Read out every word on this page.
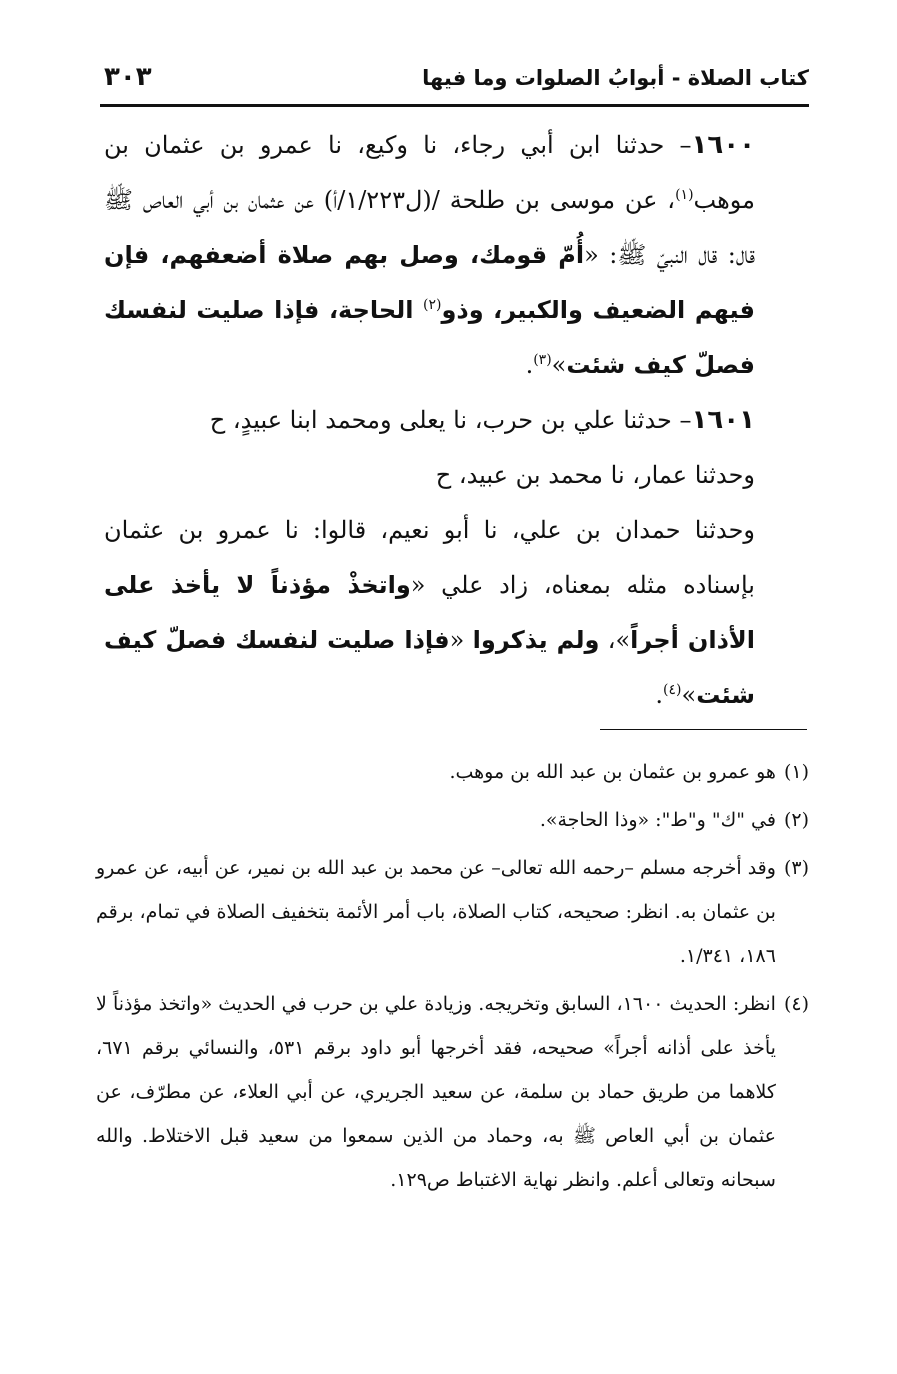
كتاب الصلاة - أبوابُ الصلوات وما فيها
٣٠٣

١٦٠٠– حدثنا ابن أبي رجاء، نا وكيع، نا عمرو بن عثمان بن موهب$^{(١)}$، عن موسى بن طلحة /(ل١/٢٢٣/أ) عن عثمان بن أبي العاص ﷺ قال: قال النبيّ ﷺ: «أُمّ قومك، وصل بهم صلاة أضعفهم، فإن فيهم الضعيف والكبير، وذو$^{(٢)}$ الحاجة، فإذا صليت لنفسك فصلّ كيف شئت»$^{(٣)}$.

١٦٠١– حدثنا علي بن حرب، نا يعلى ومحمد ابنا عبيدٍ، ح

وحدثنا عمار، نا محمد بن عبيد، ح

وحدثنا حمدان بن علي، نا أبو نعيم، قالوا: نا عمرو بن عثمان بإسناده مثله بمعناه، زاد علي «واتخذْ مؤذناً لا يأخذ على الأذان أجراً»، ولم يذكروا «فإذا صليت لنفسك فصلّ كيف شئت»$^{(٤)}$.

(١)
هو عمرو بن عثمان بن عبد الله بن موهب.

(٢)
في "ك" و"ط": «وذا الحاجة».

(٣)
وقد أخرجه مسلم –رحمه الله تعالى– عن محمد بن عبد الله بن نمير، عن أبيه، عن عمرو بن عثمان به. انظر: صحيحه، كتاب الصلاة، باب أمر الأئمة بتخفيف الصلاة في تمام، برقم ١٨٦، ١/٣٤١.

(٤)
انظر: الحديث ١٦٠٠، السابق وتخريجه. وزيادة علي بن حرب في الحديث «واتخذ مؤذناً لا يأخذ على أذانه أجراً» صحيحه، فقد أخرجها أبو داود برقم ٥٣١، والنسائي برقم ٦٧١، كلاهما من طريق حماد بن سلمة، عن سعيد الجريري، عن أبي العلاء، عن مطرّف، عن عثمان بن أبي العاص ﷺ به، وحماد من الذين سمعوا من سعيد قبل الاختلاط. والله سبحانه وتعالى أعلم. وانظر نهاية الاغتباط ص١٢٩.
